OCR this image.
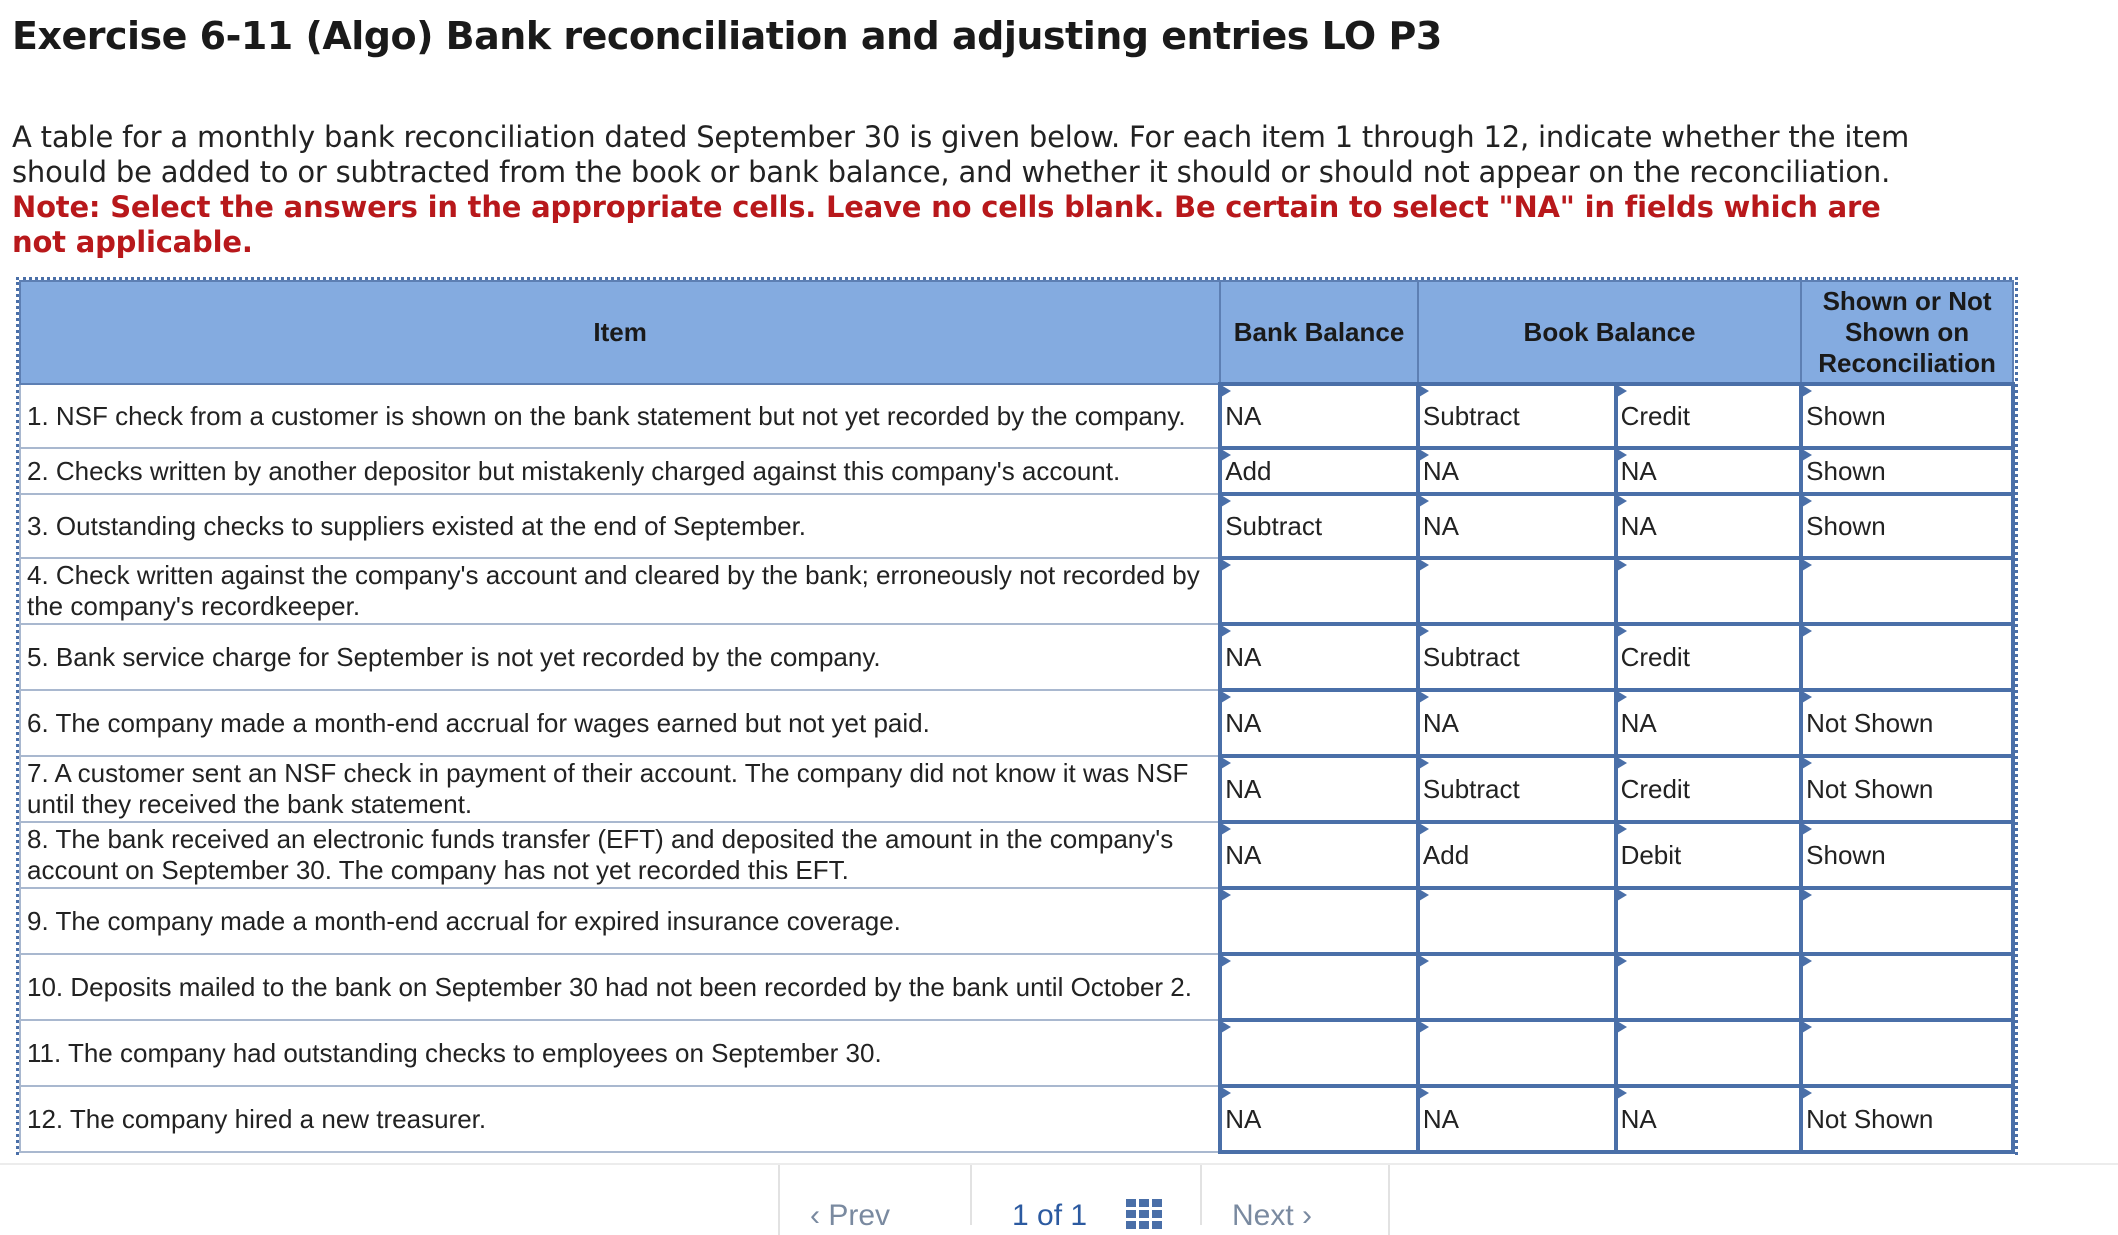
Exercise 6-11 (Algo) Bank reconciliation and adjusting entries LO P3
A table for a monthly bank reconciliation dated September 30 is given below. For each item 1 through 12, indicate whether the item should be added to or subtracted from the book or bank balance, and whether it should or should not appear on the reconciliation.
Note: Select the answers in the appropriate cells. Leave no cells blank. Be certain to select "NA" in fields which are not applicable.
Item	Bank Balance	Book Balance		Shown or Not Shown on Reconciliation
1. NSF check from a customer is shown on the bank statement but not yet recorded by the company.	NA	Subtract	Credit	Shown
2. Checks written by another depositor but mistakenly charged against this company's account.	Add	NA	NA	Shown
3. Outstanding checks to suppliers existed at the end of September.	Subtract	NA	NA	Shown
4. Check written against the company's account and cleared by the bank; erroneously not recorded by the company's recordkeeper.				
5. Bank service charge for September is not yet recorded by the company.	NA	Subtract	Credit	
6. The company made a month-end accrual for wages earned but not yet paid.	NA	NA	NA	Not Shown
7. A customer sent an NSF check in payment of their account. The company did not know it was NSF until they received the bank statement.	NA	Subtract	Credit	Not Shown
8. The bank received an electronic funds transfer (EFT) and deposited the amount in the company's account on September 30. The company has not yet recorded this EFT.	NA	Add	Debit	Shown
9. The company made a month-end accrual for expired insurance coverage.				
10. Deposits mailed to the bank on September 30 had not been recorded by the bank until October 2.				
11. The company had outstanding checks to employees on September 30.				
12. The company hired a new treasurer.	NA	NA	NA	Not Shown
‹ Prev	1 of 1	Next ›
